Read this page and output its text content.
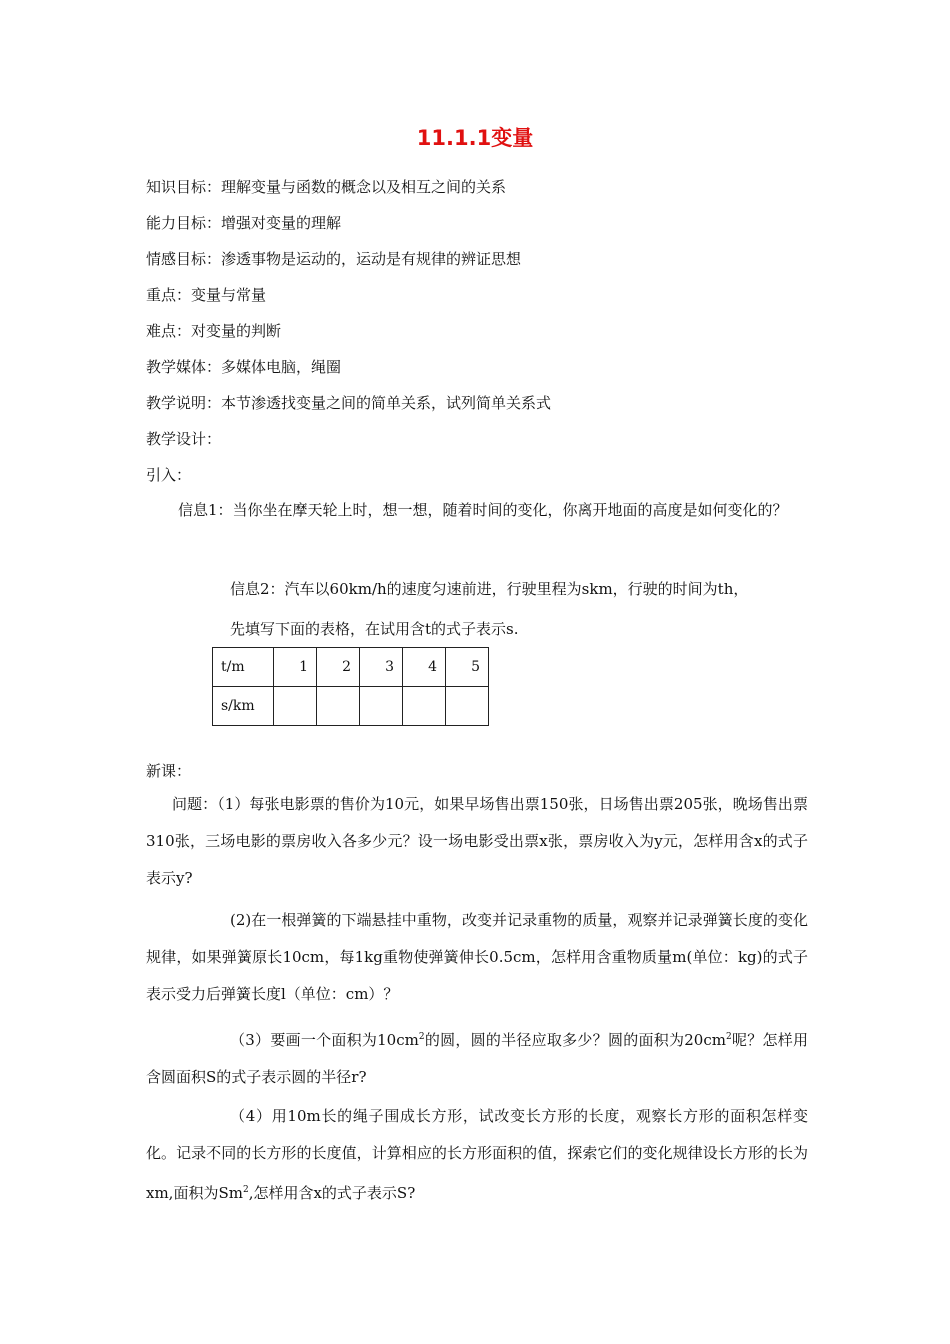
11.1.1变量
知识目标：理解变量与函数的概念以及相互之间的关系
能力目标：增强对变量的理解
情感目标：渗透事物是运动的，运动是有规律的辨证思想
重点：变量与常量
难点：对变量的判断
教学媒体：多媒体电脑，绳圈
教学说明：本节渗透找变量之间的简单关系，试列简单关系式
教学设计：
引入：
信息1：当你坐在摩天轮上时，想一想，随着时间的变化，你离开地面的高度是如何变化的？
信息2：汽车以60km/h的速度匀速前进，行驶里程为skm，行驶的时间为th，
先填写下面的表格，在试用含t的式子表示s.
t/m	1	2	3	4	5
s/km					
新课：
问题：（1）每张电影票的售价为10元，如果早场售出票150张，日场售出票205张，晚场售出票310张，三场电影的票房收入各多少元？设一场电影受出票x张，票房收入为y元，怎样用含x的式子表示y?
(2)在一根弹簧的下端悬挂中重物，改变并记录重物的质量，观察并记录弹簧长度的变化规律，如果弹簧原长10cm，每1kg重物使弹簧伸长0.5cm，怎样用含重物质量m(单位：kg)的式子表示受力后弹簧长度l（单位：cm）？
（3）要画一个面积为$10cm^2$的圆，圆的半径应取多少？圆的面积为$20cm^2$呢？怎样用含圆面积S的式子表示圆的半径r?
（4）用10m长的绳子围成长方形，试改变长方形的长度，观察长方形的面积怎样变化。记录不同的长方形的长度值，计算相应的长方形面积的值，探索它们的变化规律设长方形的长为xm,面积为Sm$^2$,怎样用含x的式子表示S?
